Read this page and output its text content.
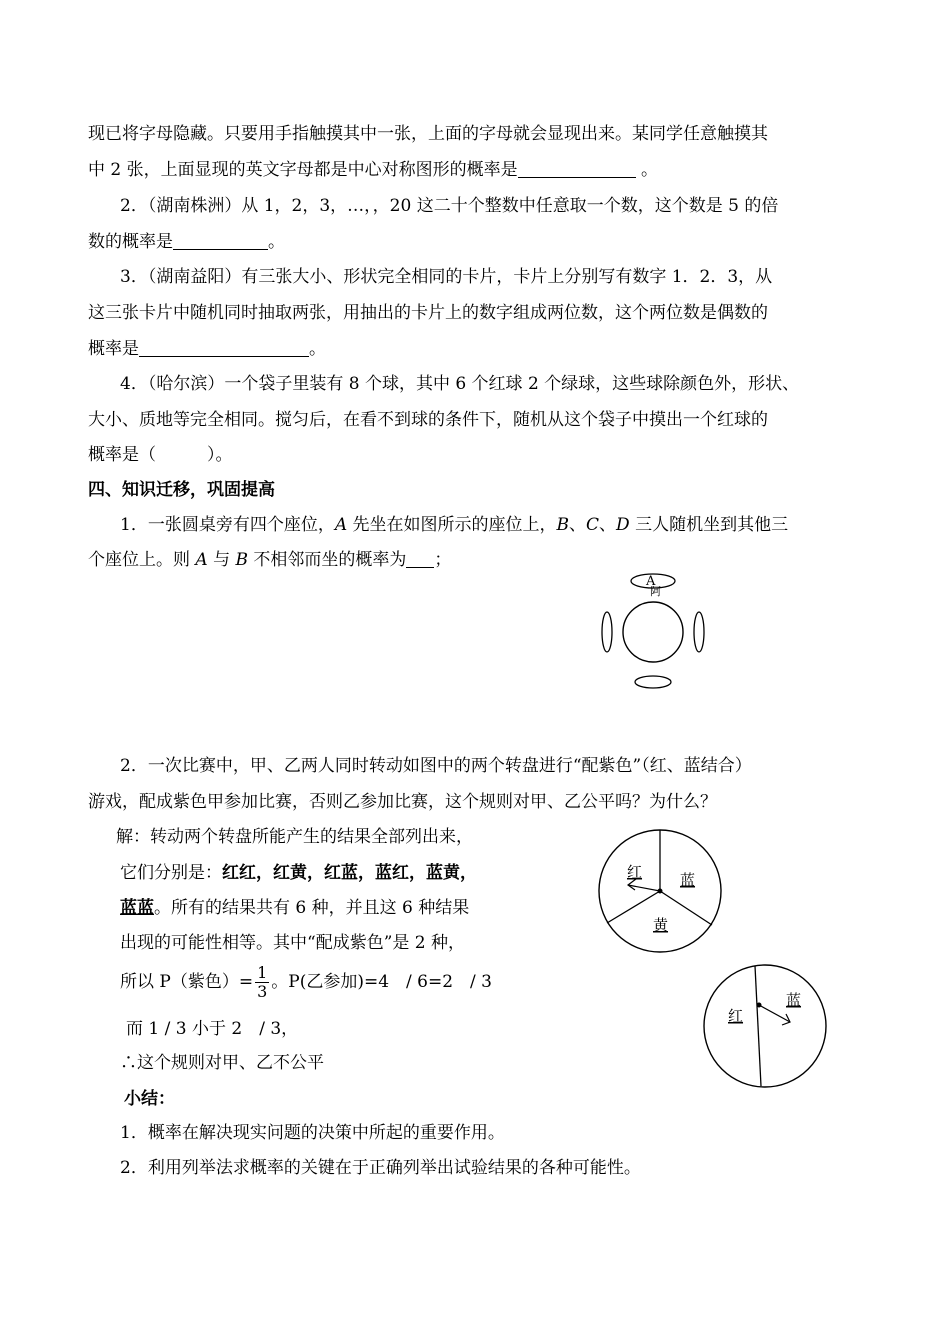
现已将字母隐藏。只要用手指触摸其中一张，上面的字母就会显现出来。某同学任意触摸其
中 2 张，上面显现的英文字母都是中心对称图形的概率是	。
2．（湖南株洲）从 1，2，3，…，，20 这二十个整数中任意取一个数，这个数是 5 的倍
数的概率是	。
3．（湖南益阳）有三张大小、形状完全相同的卡片，卡片上分别写有数字 1．2．3，从
这三张卡片中随机同时抽取两张，用抽出的卡片上的数字组成两位数，这个两位数是偶数的
概率是	。
4．（哈尔滨）一个袋子里装有 8 个球，其中 6 个红球 2 个绿球，这些球除颜色外，形状、
大小、质地等完全相同。搅匀后，在看不到球的条件下，随机从这个袋子中摸出一个红球的
概率是（　　　）。
四、知识迁移，巩固提高
1．一张圆桌旁有四个座位，A 先坐在如图所示的座位上，B、C、D 三人随机坐到其他三
个座位上。则 A 与 B 不相邻而坐的概率为 ；
2．一次比赛中，甲、乙两人同时转动如图中的两个转盘进行“配紫色”（红、蓝结合）
游戏，配成紫色甲参加比赛，否则乙参加比赛，这个规则对甲、乙公平吗？为什么？
解：转动两个转盘所能产生的结果全部列出来，
它们分别是：红红，红黄，红蓝，蓝红，蓝黄，
蓝蓝。所有的结果共有 6 种，并且这 6 种结果
出现的可能性相等。其中“配成紫色”是 2 种，
所以 P（紫色）= $\frac{1}{3}$ 。P(乙参加)=4　/ 6=2　/ 3
而 1 / 3 小于 2　/ 3，
∴这个规则对甲、乙不公平
小结：
1．概率在解决现实问题的决策中所起的重要作用。
2．利用列举法求概率的关键在于正确列举出试验结果的各种可能性。
A
阿
红	蓝
黄
红
蓝
